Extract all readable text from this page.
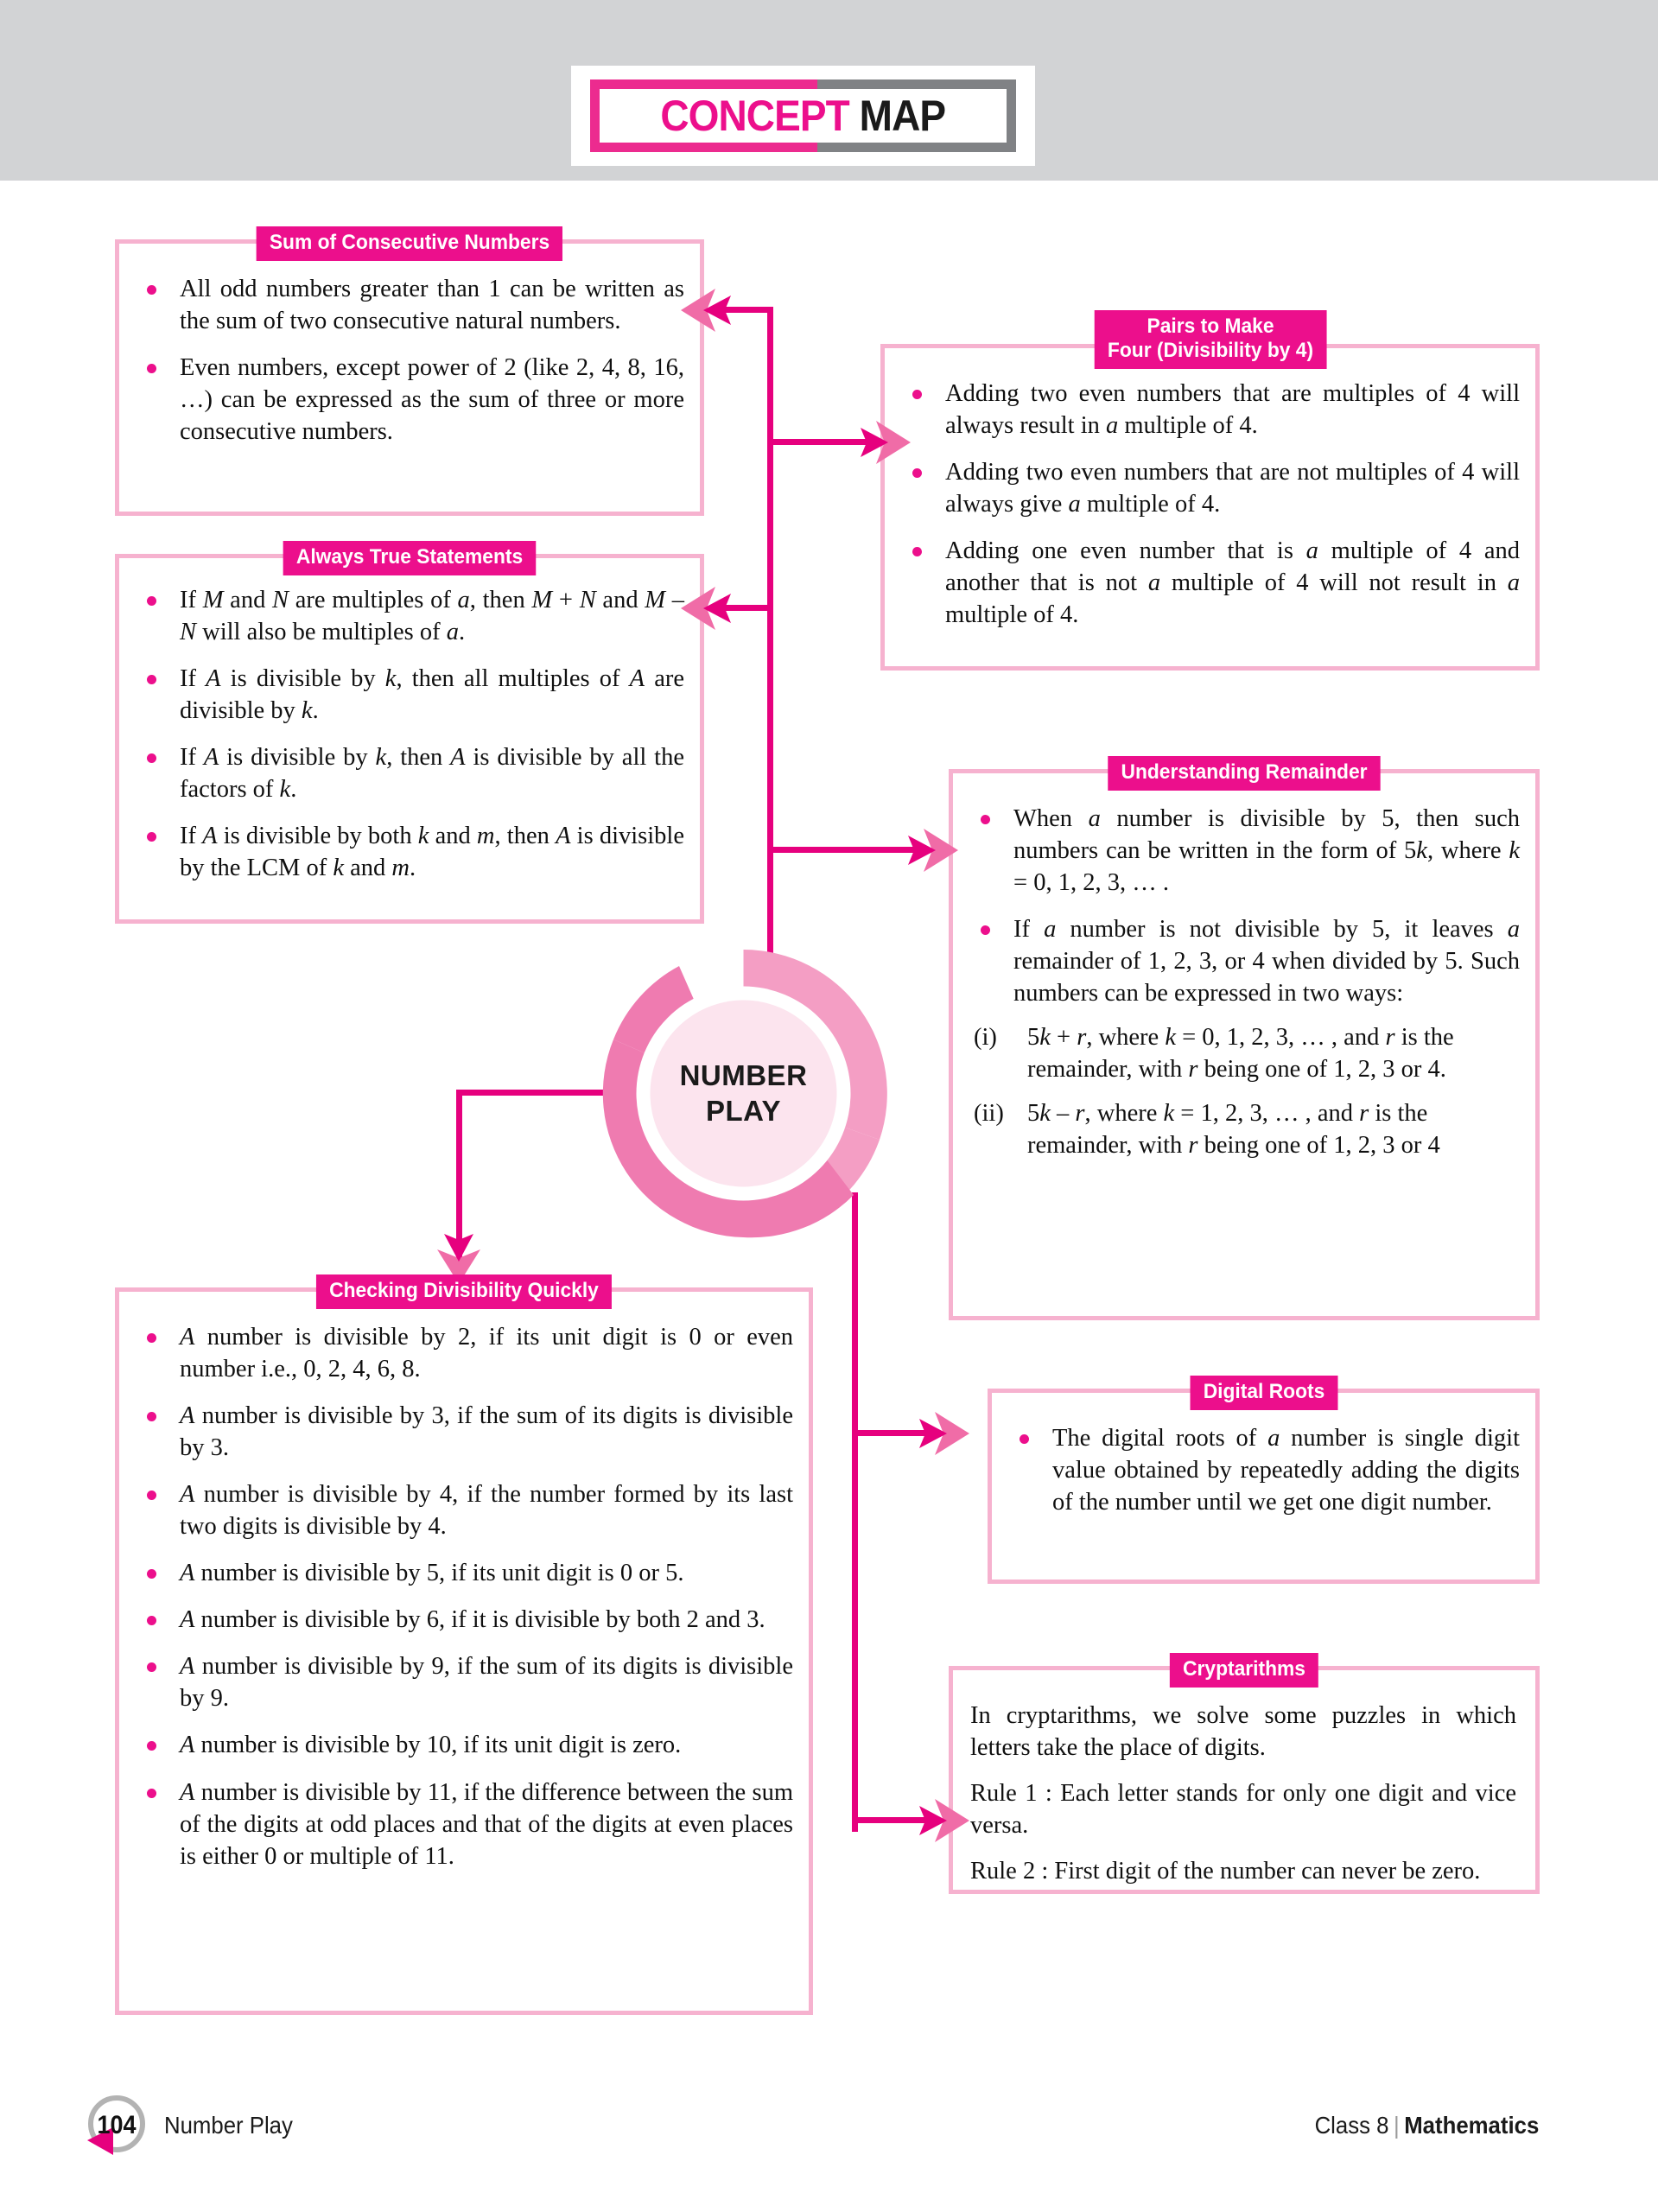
CONCEPT MAP
NUMBER
PLAY
Sum of Consecutive Numbers
All odd numbers greater than 1 can be written as the sum of two consecutive natural numbers.
Even numbers, except power of 2 (like 2, 4, 8, 16, …) can be expressed as the sum of three or more consecutive numbers.
Always True Statements
If M and N are multiples of a, then M + N and M – N will also be multiples of a.
If A is divisible by k, then all multiples of A are divisible by k.
If A is divisible by k, then A is divisible by all the factors of k.
If A is divisible by both k and m, then A is divisible by the LCM of k and m.
Pairs to Make
Four (Divisibility by 4)
Adding two even numbers that are multiples of 4 will always result in a multiple of 4.
Adding two even numbers that are not multiples of 4 will always give a multiple of 4.
Adding one even number that is a multiple of 4 and another that is not a multiple of 4 will not result in a multiple of 4.
Understanding Remainder
When a number is divisible by 5, then such numbers can be written in the form of 5k, where k = 0, 1, 2, 3, … .
If a number is not divisible by 5, it leaves a remainder of 1, 2, 3, or 4 when divided by 5. Such numbers can be expressed in two ways:
(i)	5k + r, where k = 0, 1, 2, 3, … , and r is the remainder, with r being one of 1, 2, 3 or 4.
(ii) 5k – r, where k = 1, 2, 3, … , and r is the remainder, with r being one of 1, 2, 3 or 4
Checking Divisibility Quickly
A number is divisible by 2, if its unit digit is 0 or even number i.e., 0, 2, 4, 6, 8.
A number is divisible by 3, if the sum of its digits is divisible by 3.
A number is divisible by 4, if the number formed by its last two digits is divisible by 4.
A number is divisible by 5, if its unit digit is 0 or 5.
A number is divisible by 6, if it is divisible by both 2 and 3.
A number is divisible by 9, if the sum of its digits is divisible by 9.
A number is divisible by 10, if its unit digit is zero.
A number is divisible by 11, if the difference between the sum of the digits at odd places and that of the digits at even places is either 0 or multiple of 11.
Digital Roots
The digital roots of a number is single digit value obtained by repeatedly adding the digits of the number until we get one digit number.
Cryptarithms
In cryptarithms, we solve some puzzles in which letters take the place of digits.
Rule 1 : Each letter stands for only one digit and vice versa.
Rule 2 : First digit of the number can never be zero.
104	Number Play	Class 8 | Mathematics
